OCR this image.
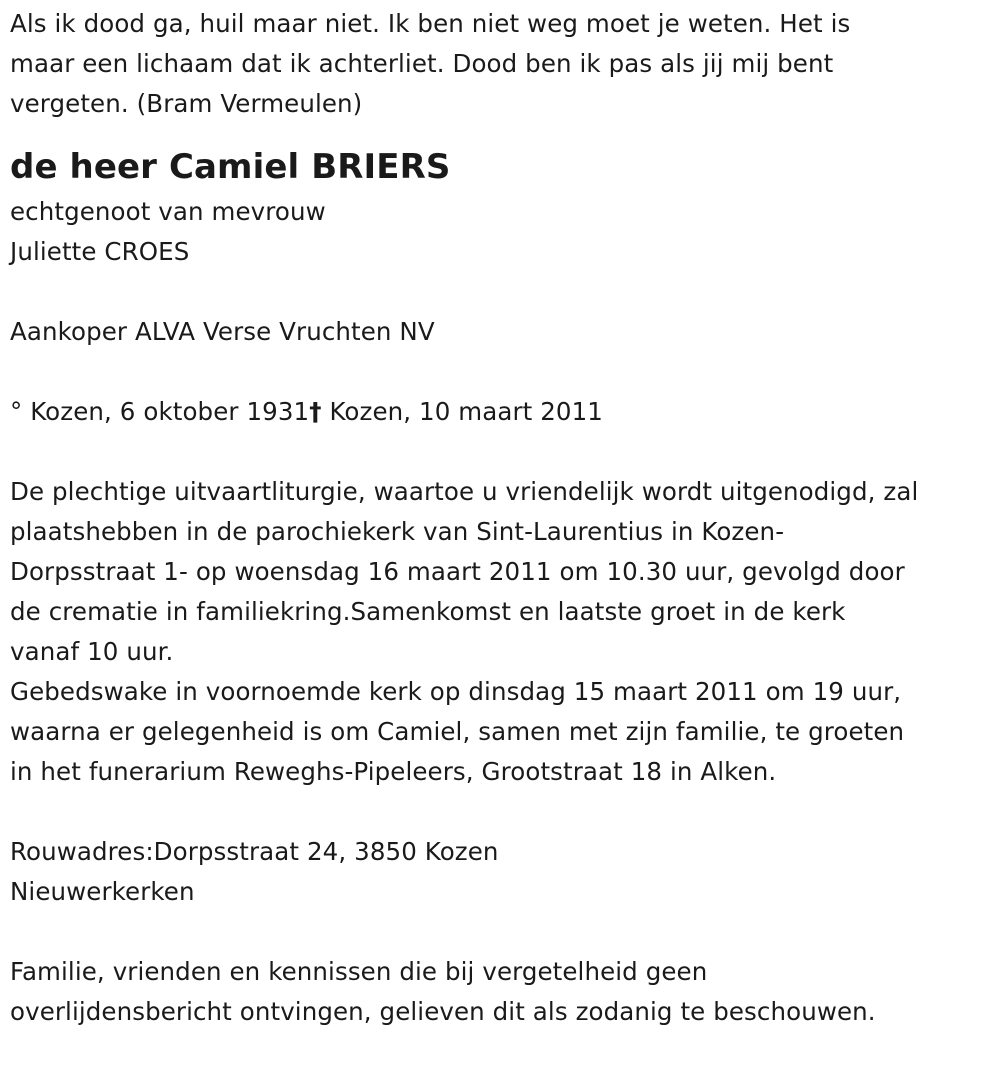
Als ik dood ga, huil maar niet. Ik ben niet weg moet je weten. Het is
maar een lichaam dat ik achterliet. Dood ben ik pas als jij mij bent
vergeten. (Bram Vermeulen)
de heer Camiel BRIERS
echtgenoot van mevrouw
Juliette CROES
Aankoper ALVA Verse Vruchten NV
° Kozen, 6 oktober 1931† Kozen, 10 maart 2011
De plechtige uitvaartliturgie, waartoe u vriendelijk wordt uitgenodigd, zal
plaatshebben in de parochiekerk van Sint-Laurentius in Kozen-
Dorpsstraat 1- op woensdag 16 maart 2011 om 10.30 uur, gevolgd door
de crematie in familiekring.Samenkomst en laatste groet in de kerk
vanaf 10 uur.
Gebedswake in voornoemde kerk op dinsdag 15 maart 2011 om 19 uur,
waarna er gelegenheid is om Camiel, samen met zijn familie, te groeten
in het funerarium Reweghs-Pipeleers, Grootstraat 18 in Alken.
Rouwadres:Dorpsstraat 24, 3850 Kozen
Nieuwerkerken
Familie, vrienden en kennissen die bij vergetelheid geen
overlijdensbericht ontvingen, gelieven dit als zodanig te beschouwen.
